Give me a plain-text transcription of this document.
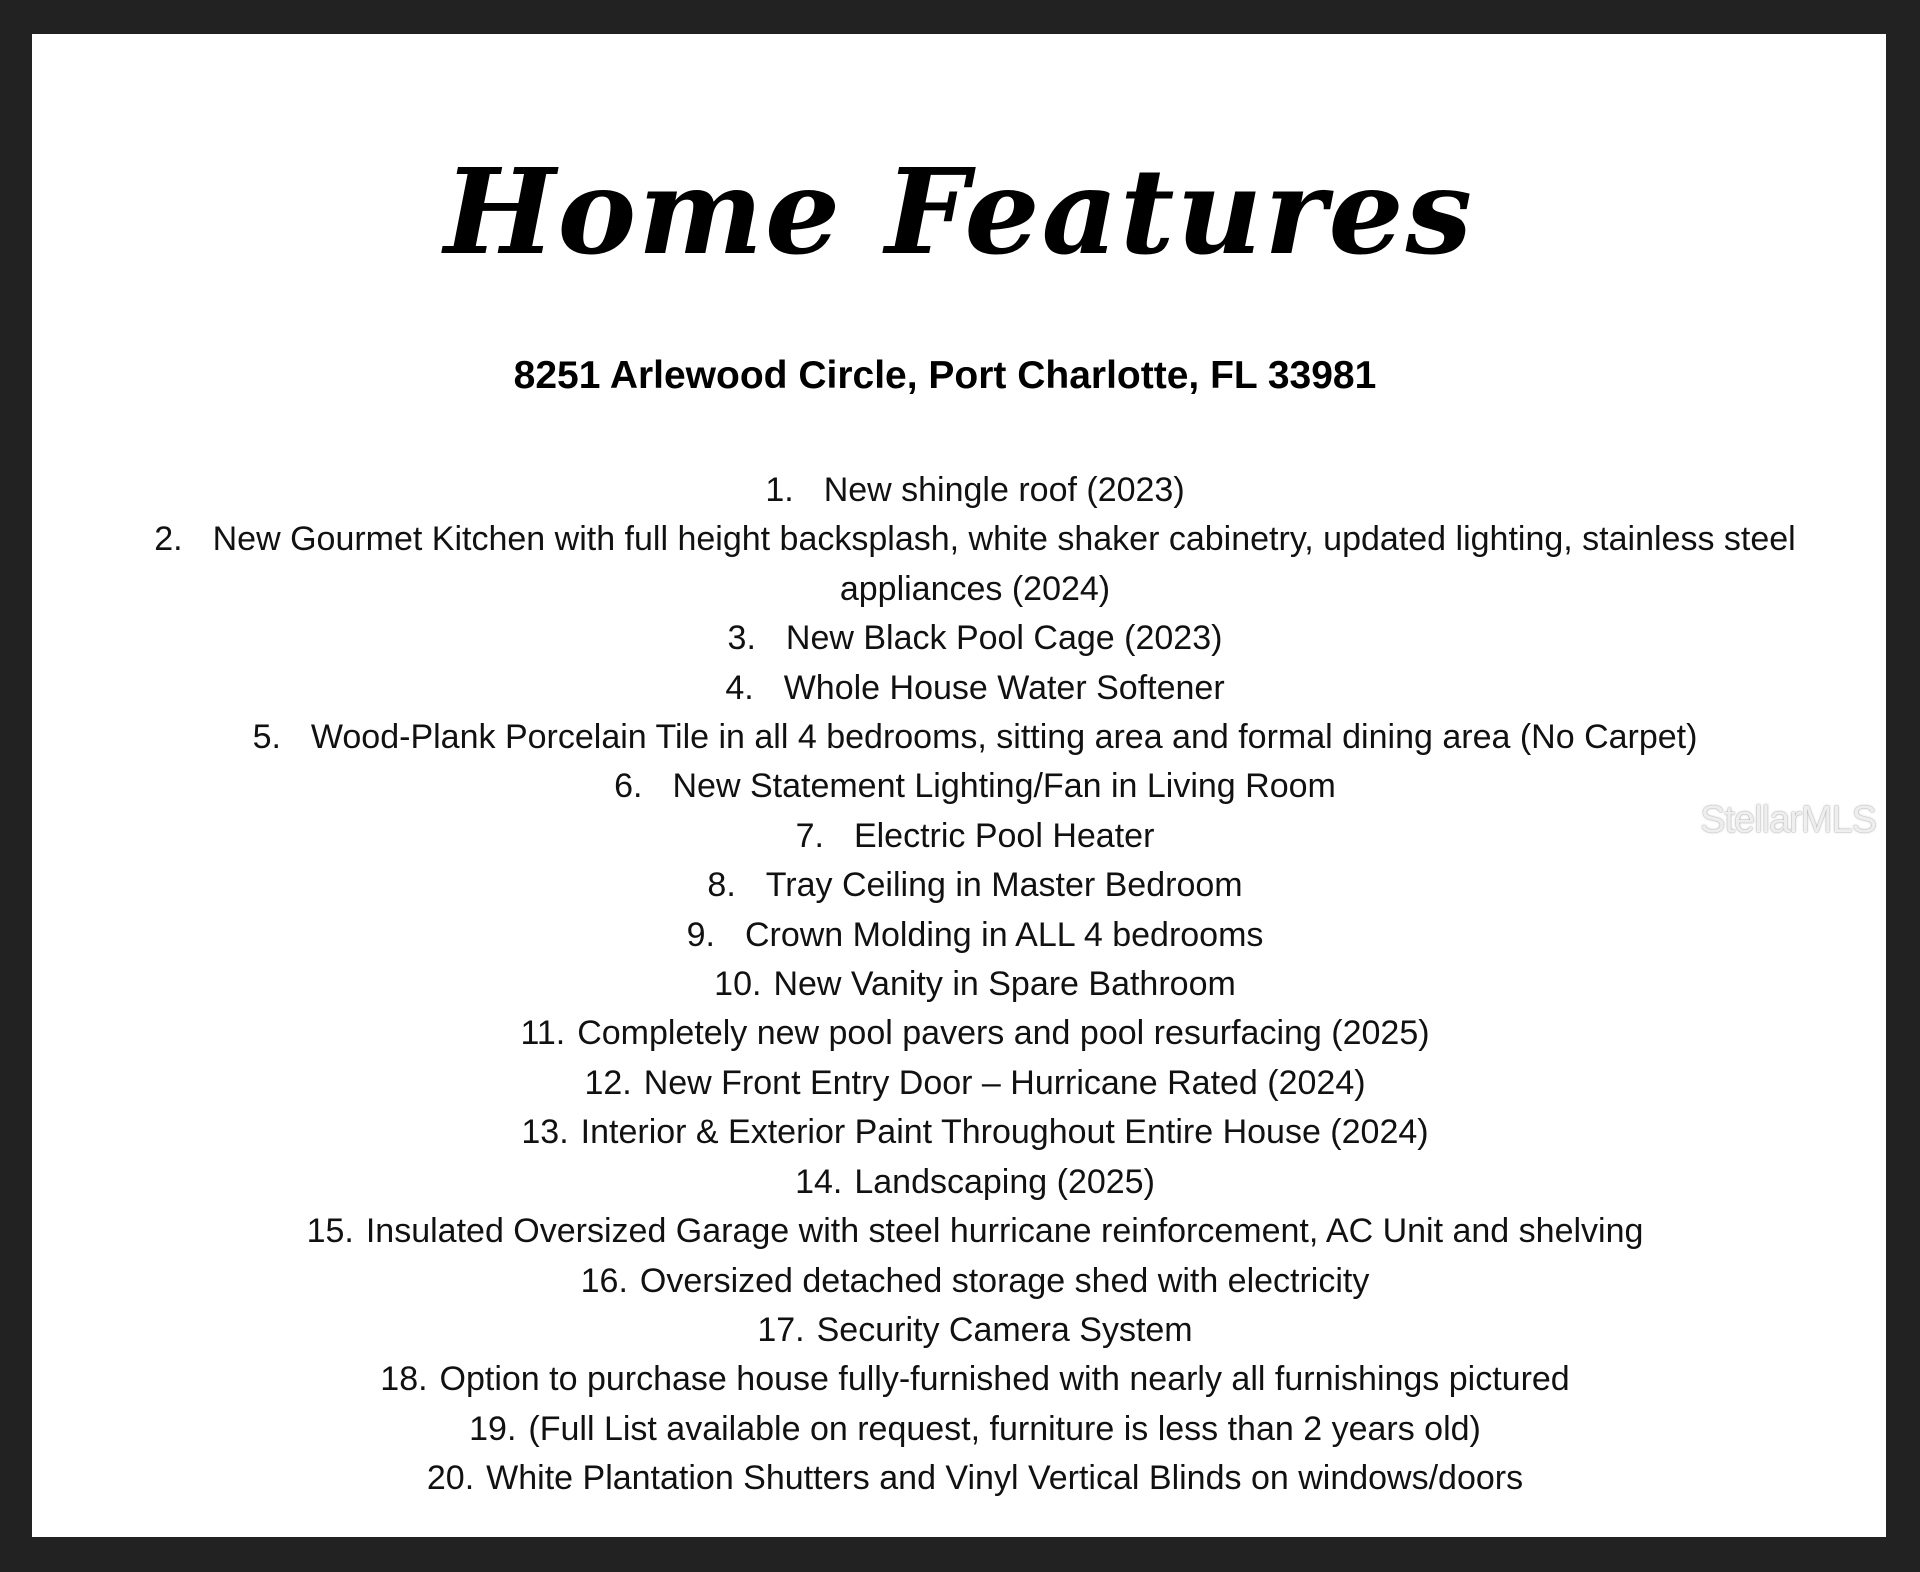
Home Features
8251 Arlewood Circle, Port Charlotte, FL 33981
1. New shingle roof (2023)
2. New Gourmet Kitchen with full height backsplash, white shaker cabinetry, updated lighting, stainless steel appliances (2024)
3. New Black Pool Cage (2023)
4. Whole House Water Softener
5. Wood-Plank Porcelain Tile in all 4 bedrooms, sitting area and formal dining area (No Carpet)
6. New Statement Lighting/Fan in Living Room
7. Electric Pool Heater
8. Tray Ceiling in Master Bedroom
9. Crown Molding in ALL 4 bedrooms
10. New Vanity in Spare Bathroom
11. Completely new pool pavers and pool resurfacing (2025)
12. New Front Entry Door – Hurricane Rated (2024)
13. Interior & Exterior Paint Throughout Entire House (2024)
14. Landscaping (2025)
15. Insulated Oversized Garage with steel hurricane reinforcement, AC Unit and shelving
16. Oversized detached storage shed with electricity
17. Security Camera System
18. Option to purchase house fully-furnished with nearly all furnishings pictured
19. (Full List available on request, furniture is less than 2 years old)
20. White Plantation Shutters and Vinyl Vertical Blinds on windows/doors
StellarMLS
